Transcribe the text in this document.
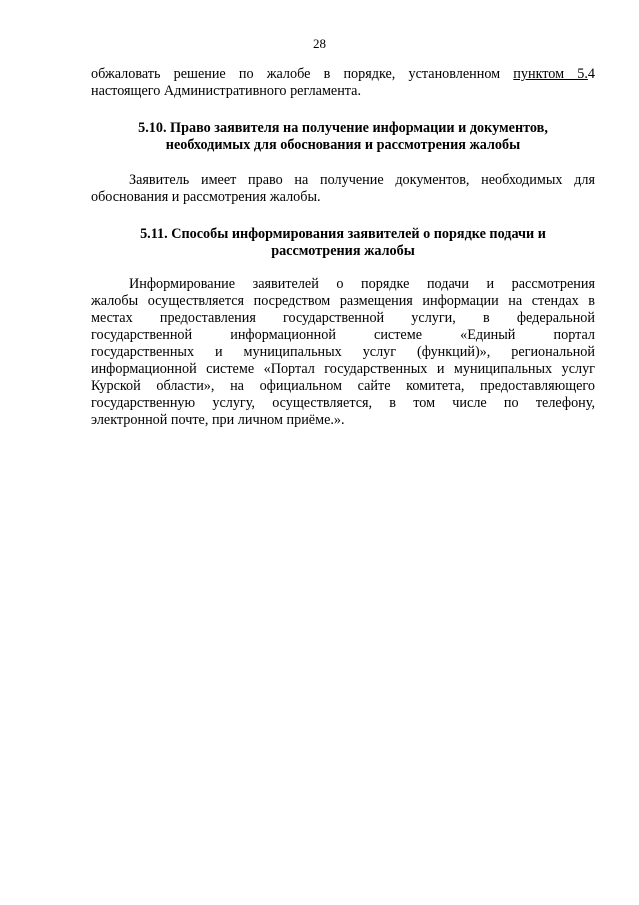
28
обжаловать решение по жалобе в порядке, установленном пунктом 5.4
настоящего Административного регламента.
5.10. Право заявителя на получение информации и документов,
необходимых для обоснования и рассмотрения жалобы
Заявитель имеет право на получение документов, необходимых для
обоснования и рассмотрения жалобы.
5.11. Способы информирования заявителей о порядке подачи и
рассмотрения жалобы
Информирование заявителей о порядке подачи и рассмотрения
жалобы осуществляется посредством размещения информации на стендах в
местах предоставления государственной услуги, в федеральной
государственной информационной системе «Единый портал
государственных и муниципальных услуг (функций)», региональной
информационной системе «Портал государственных и муниципальных услуг
Курской области», на официальном сайте комитета, предоставляющего
государственную услугу, осуществляется, в том числе по телефону,
электронной почте, при личном приёме.».
